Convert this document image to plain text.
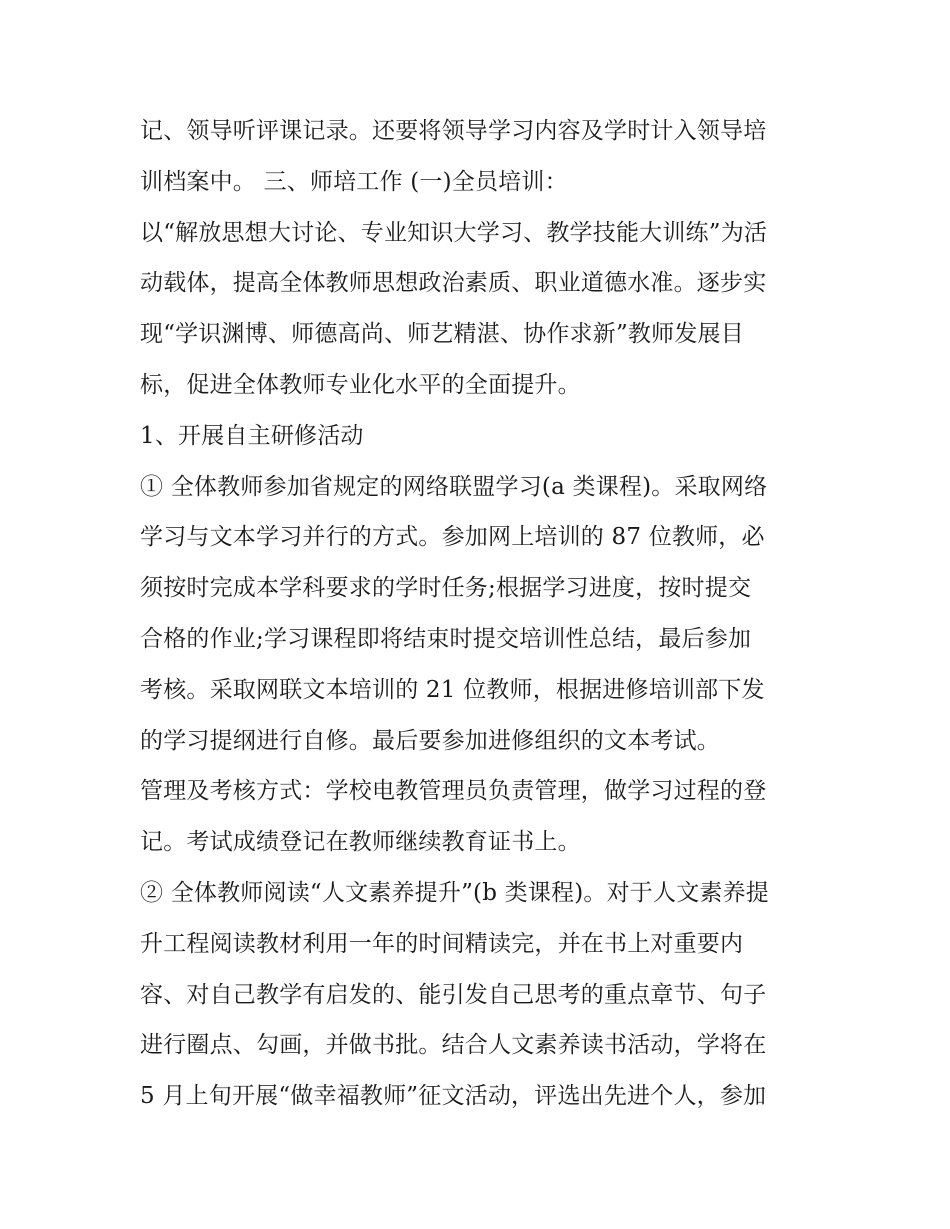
记、领导听评课记录。还要将领导学习内容及学时计入领导培
训档案中。 三、师培工作 (一)全员培训：
以“解放思想大讨论、专业知识大学习、教学技能大训练”为活
动载体，提高全体教师思想政治素质、职业道德水准。逐步实
现“学识渊博、师德高尚、师艺精湛、协作求新”教师发展目
标，促进全体教师专业化水平的全面提升。
1、开展自主研修活动
① 全体教师参加省规定的网络联盟学习(a 类课程)。采取网络
学习与文本学习并行的方式。参加网上培训的 87 位教师，必
须按时完成本学科要求的学时任务;根据学习进度，按时提交
合格的作业;学习课程即将结束时提交培训性总结，最后参加
考核。采取网联文本培训的 21 位教师，根据进修培训部下发
的学习提纲进行自修。最后要参加进修组织的文本考试。
管理及考核方式：学校电教管理员负责管理，做学习过程的登
记。考试成绩登记在教师继续教育证书上。
② 全体教师阅读“人文素养提升”(b 类课程)。对于人文素养提
升工程阅读教材利用一年的时间精读完，并在书上对重要内
容、对自己教学有启发的、能引发自己思考的重点章节、句子
进行圈点、勾画，并做书批。结合人文素养读书活动，学将在
5 月上旬开展“做幸福教师”征文活动，评选出先进个人，参加
